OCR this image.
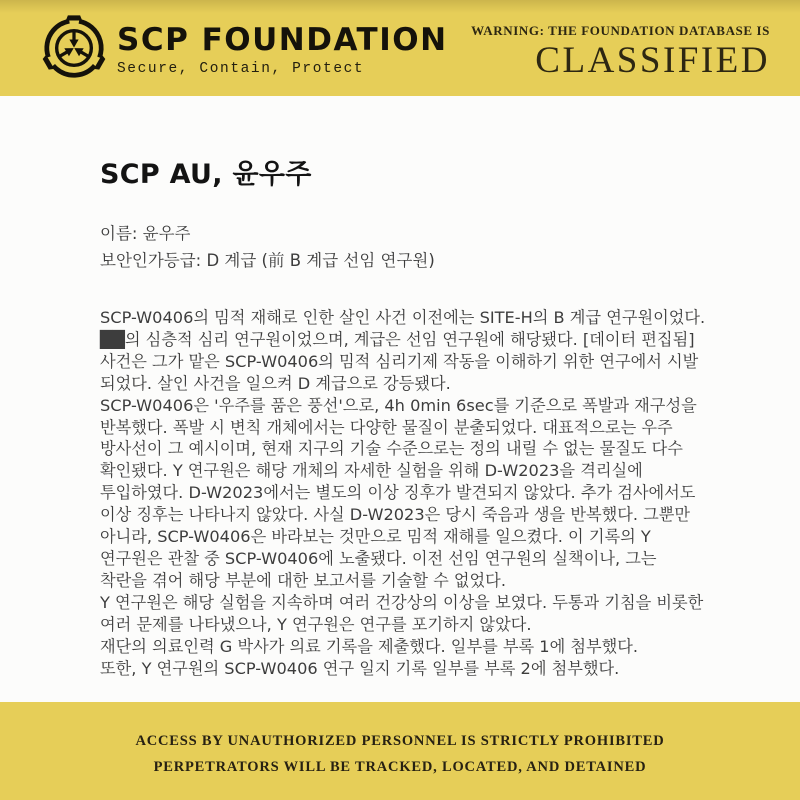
SCP FOUNDATION
Secure, Contain, Protect
WARNING: THE FOUNDATION DATABASE IS
CLASSIFIED
SCP AU, 윤우주
이름: 윤우주
보안인가등급: D 계급 (前 B 계급 선임 연구원)

SCP-W0406의 밈적 재해로 인한 살인 사건 이전에는 SITE-H의 B 계급 연구원이었다. ██의 심층적 심리 연구원이었으며, 계급은 선임 연구원에 해당됐다. [데이터 편집됨] 사건은 그가 맡은 SCP-W0406의 밈적 심리기제 작동을 이해하기 위한 연구에서 시발 되었다. 살인 사건을 일으켜 D 계급으로 강등됐다.

SCP-W0406은 '우주를 품은 풍선'으로, 4h 0min 6sec를 기준으로 폭발과 재구성을 반복했다. 폭발 시 변칙 개체에서는 다양한 물질이 분출되었다. 대표적으로는 우주 방사선이 그 예시이며, 현재 지구의 기술 수준으로는 정의 내릴 수 없는 물질도 다수 확인됐다. Y 연구원은 해당 개체의 자세한 실험을 위해 D-W2023을 격리실에 투입하였다. D-W2023에서는 별도의 이상 징후가 발견되지 않았다. 추가 검사에서도 이상 징후는 나타나지 않았다. 사실 D-W2023은 당시 죽음과 생을 반복했다. 그뿐만 아니라, SCP-W0406은 바라보는 것만으로 밈적 재해를 일으켰다. 이 기록의 Y 연구원은 관찰 중 SCP-W0406에 노출됐다. 이전 선임 연구원의 실책이나, 그는 착란을 겪어 해당 부분에 대한 보고서를 기술할 수 없었다.

Y 연구원은 해당 실험을 지속하며 여러 건강상의 이상을 보였다. 두통과 기침을 비롯한 여러 문제를 나타냈으나, Y 연구원은 연구를 포기하지 않았다.

재단의 의료인력 G 박사가 의료 기록을 제출했다. 일부를 부록 1에 첨부했다.

또한, Y 연구원의 SCP-W0406 연구 일지 기록 일부를 부록 2에 첨부했다.

ACCESS BY UNAUTHORIZED PERSONNEL IS STRICTLY PROHIBITED
PERPETRATORS WILL BE TRACKED, LOCATED, AND DETAINED
